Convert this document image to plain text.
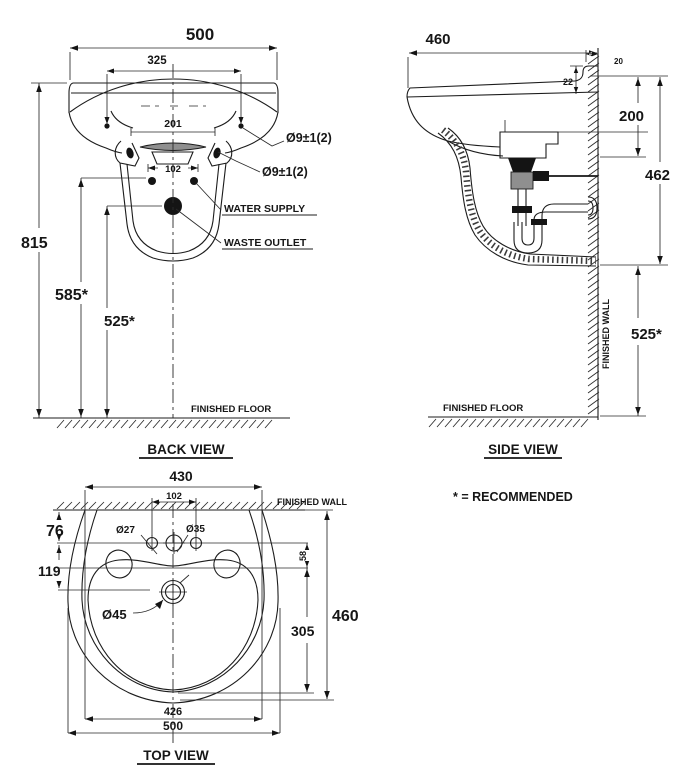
500
325
201
102
815
585*
525*
Ø9±1(2)
Ø9±1(2)
WATER SUPPLY
WASTE OUTLET
FINISHED FLOOR
BACK VIEW
FINISHED WALL
460
20
22
200
462
525*
FINISHED FLOOR
SIDE VIEW
* = RECOMMENDED
FINISHED WALL
Ø27	Ø35
Ø45
430
102
76
119
58
305
460
426
500
TOP VIEW
